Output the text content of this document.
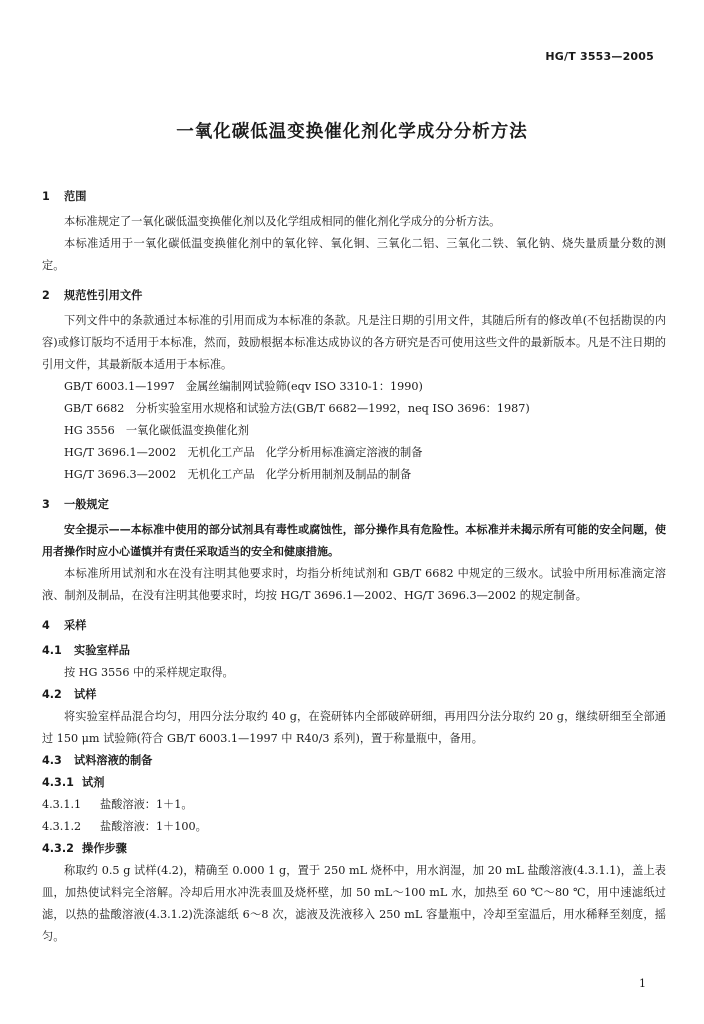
HG/T 3553—2005
一氧化碳低温变换催化剂化学成分分析方法

1 范围

本标准规定了一氧化碳低温变换催化剂以及化学组成相同的催化剂化学成分的分析方法。

本标准适用于一氧化碳低温变换催化剂中的氧化锌、氧化铜、三氧化二铝、三氧化二铁、氧化钠、烧失量质量分数的测定。

2 规范性引用文件

下列文件中的条款通过本标准的引用而成为本标准的条款。凡是注日期的引用文件，其随后所有的修改单(不包括勘误的内容)或修订版均不适用于本标准，然而，鼓励根据本标准达成协议的各方研究是否可使用这些文件的最新版本。凡是不注日期的引用文件，其最新版本适用于本标准。

GB/T 6003.1—1997　金属丝编制网试验筛(eqv ISO 3310-1：1990)

GB/T 6682　分析实验室用水规格和试验方法(GB/T 6682—1992，neq ISO 3696：1987)

HG 3556　一氧化碳低温变换催化剂

HG/T 3696.1—2002　无机化工产品　化学分析用标准滴定溶液的制备

HG/T 3696.3—2002　无机化工产品　化学分析用制剂及制品的制备

3 一般规定

安全提示——本标准中使用的部分试剂具有毒性或腐蚀性，部分操作具有危险性。本标准并未揭示所有可能的安全问题，使用者操作时应小心谨慎并有责任采取适当的安全和健康措施。

本标准所用试剂和水在没有注明其他要求时，均指分析纯试剂和 GB/T 6682 中规定的三级水。试验中所用标准滴定溶液、制剂及制品，在没有注明其他要求时，均按 HG/T 3696.1—2002、HG/T 3696.3—2002 的规定制备。

4 采样

4.1 实验室样品

按 HG 3556 中的采样规定取得。

4.2 试样

将实验室样品混合均匀，用四分法分取约 40 g，在瓷研钵内全部破碎研细，再用四分法分取约 20 g，继续研细至全部通过 150 μm 试验筛(符合 GB/T 6003.1—1997 中 R40/3 系列)，置于称量瓶中，备用。

4.3 试料溶液的制备

4.3.1 试剂

4.3.1.1 盐酸溶液：1＋1。

4.3.1.2 盐酸溶液：1＋100。

4.3.2 操作步骤

称取约 0.5 g 试样(4.2)，精确至 0.000 1 g，置于 250 mL 烧杯中，用水润湿，加 20 mL 盐酸溶液(4.3.1.1)，盖上表皿，加热使试料完全溶解。冷却后用水冲洗表皿及烧杯壁，加 50 mL～100 mL 水，加热至 60 ℃～80 ℃，用中速滤纸过滤，以热的盐酸溶液(4.3.1.2)洗涤滤纸 6～8 次，滤液及洗液移入 250 mL 容量瓶中，冷却至室温后，用水稀释至刻度，摇匀。

1
